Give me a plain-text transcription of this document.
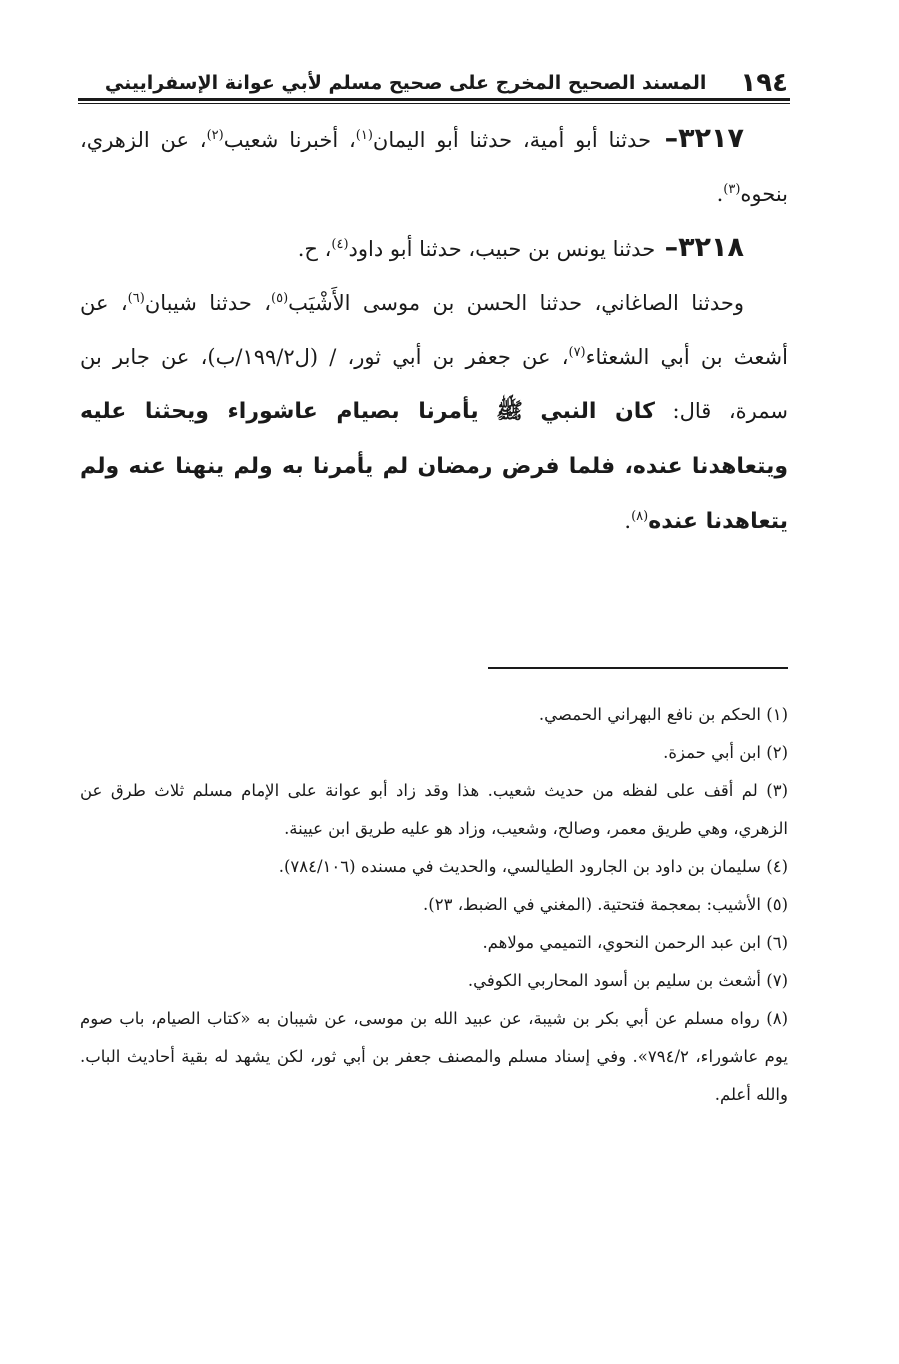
١٩٤
المسند الصحيح المخرج على صحيح مسلم لأبي عوانة الإسفراييني

٣٢١٧– حدثنا أبو أمية، حدثنا أبو اليمان$^{(١)}$، أخبرنا شعيب$^{(٢)}$، عن الزهري، بنحوه$^{(٣)}$.

٣٢١٨– حدثنا يونس بن حبيب، حدثنا أبو داود$^{(٤)}$، ح.

وحدثنا الصاغاني، حدثنا الحسن بن موسى الأَشْيَب$^{(٥)}$، حدثنا شيبان$^{(٦)}$، عن أشعث بن أبي الشعثاء$^{(٧)}$، عن جعفر بن أبي ثور، / (ل١٩٩/٢/ب)، عن جابر بن سمرة، قال: كان النبي ﷺ يأمرنا بصيام عاشوراء ويحثنا عليه ويتعاهدنا عنده، فلما فرض رمضان لم يأمرنا به ولم ينهنا عنه ولم يتعاهدنا عنده$^{(٨)}$.

(١) الحكم بن نافع البهراني الحمصي.

(٢) ابن أبي حمزة.

(٣) لم أقف على لفظه من حديث شعيب. هذا وقد زاد أبو عوانة على الإمام مسلم ثلاث طرق عن الزهري، وهي طريق معمر، وصالح، وشعيب، وزاد هو عليه طريق ابن عيينة.

(٤) سليمان بن داود بن الجارود الطيالسي، والحديث في مسنده (٧٨٤/١٠٦).

(٥) الأشيب: بمعجمة فتحتية. (المغني في الضبط، ٢٣).

(٦) ابن عبد الرحمن النحوي، التميمي مولاهم.

(٧) أشعث بن سليم بن أسود المحاربي الكوفي.

(٨) رواه مسلم عن أبي بكر بن شيبة، عن عبيد الله بن موسى، عن شيبان به «كتاب الصيام، باب صوم يوم عاشوراء، ٧٩٤/٢». وفي إسناد مسلم والمصنف جعفر بن أبي ثور، لكن يشهد له بقية أحاديث الباب. والله أعلم.
